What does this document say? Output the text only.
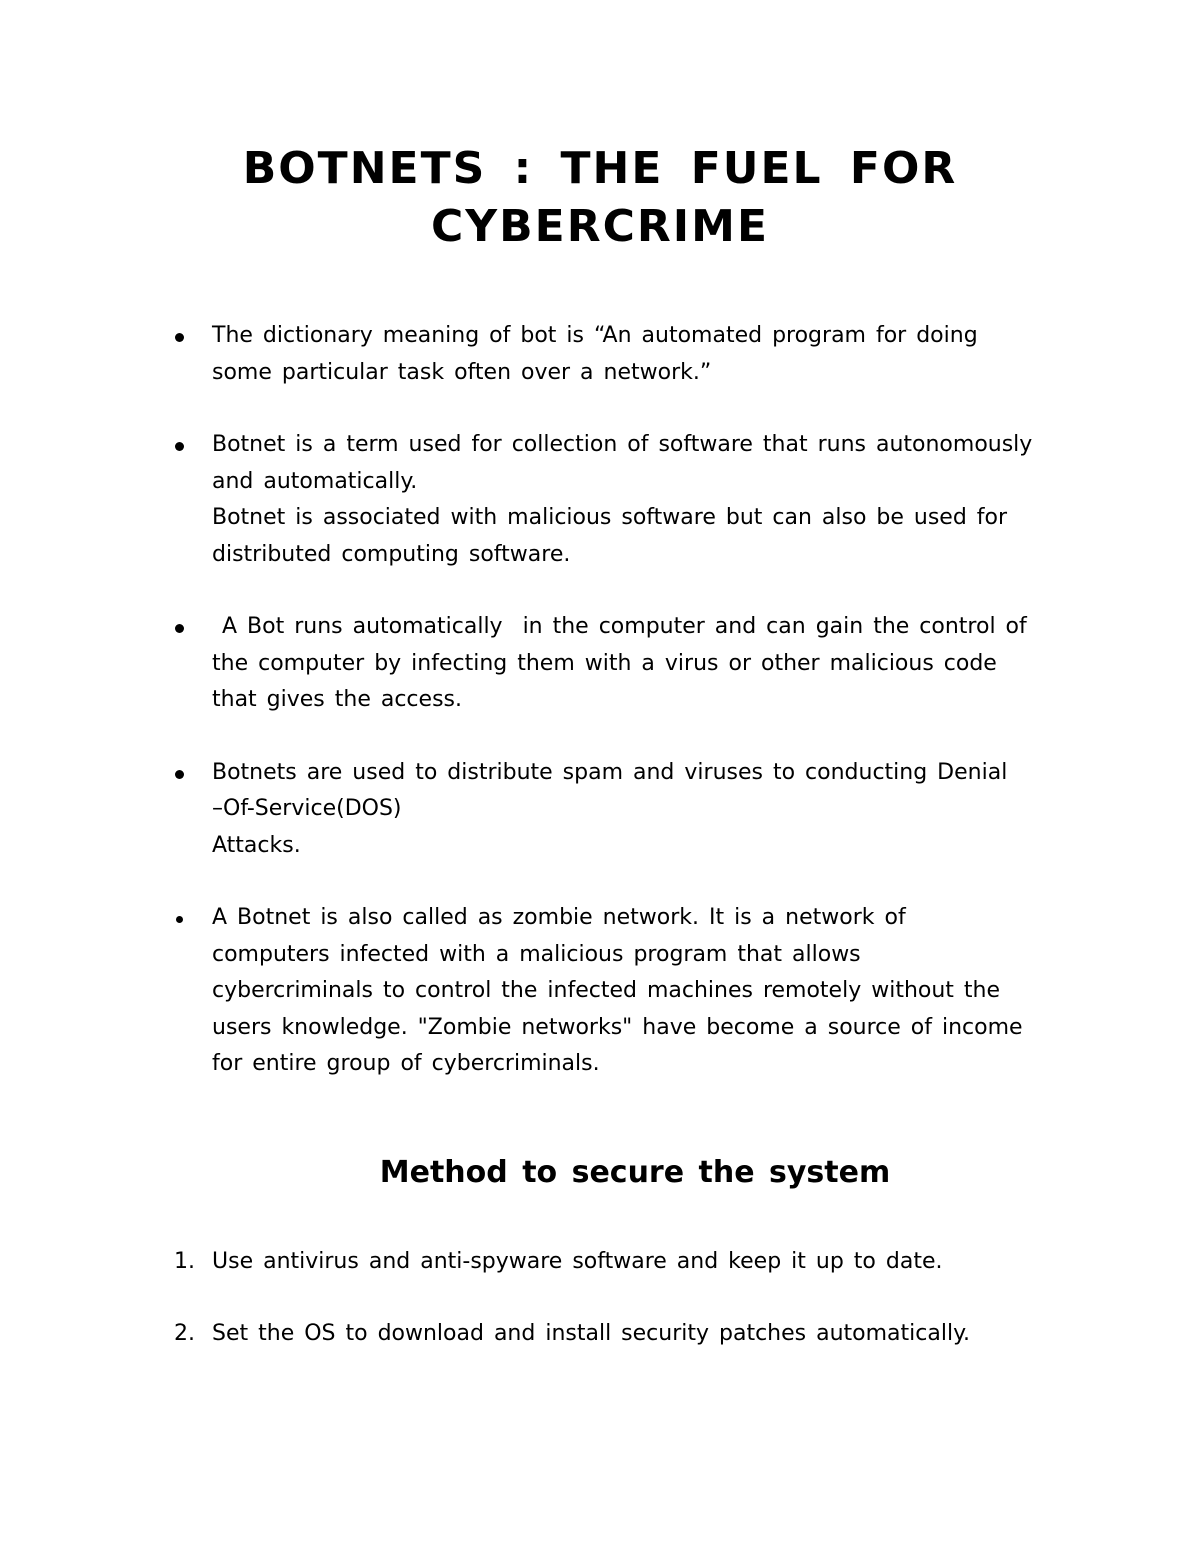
BOTNETS : THE FUEL FOR
CYBERCRIME
The dictionary meaning of bot is “An automated program for doing
some particular task often over a network.”
Botnet is a term used for collection of software that runs autonomously
and automatically.
Botnet is associated with malicious software but can also be used for
distributed computing software.
A Bot runs automatically  in the computer and can gain the control of
the computer by infecting them with a virus or other malicious code
that gives the access.
Botnets are used to distribute spam and viruses to conducting Denial
–Of-Service(DOS)
Attacks.
A Botnet is also called as zombie network. It is a network of
computers infected with a malicious program that allows
cybercriminals to control the infected machines remotely without the
users knowledge. "Zombie networks" have become a source of income
for entire group of cybercriminals.
Method to secure the system
1. Use antivirus and anti-spyware software and keep it up to date.
2. Set the OS to download and install security patches automatically.
